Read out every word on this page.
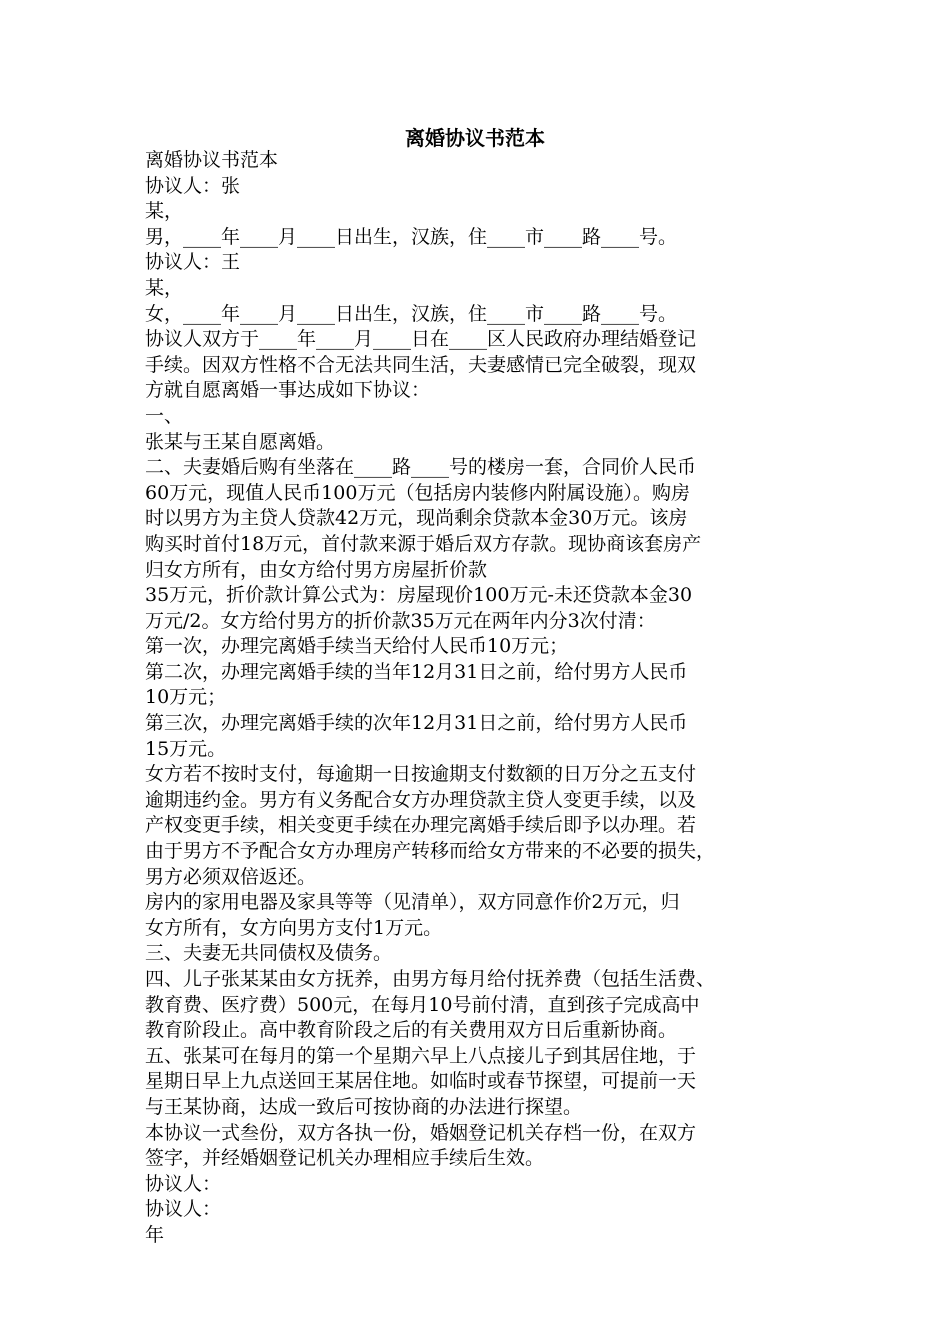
离婚协议书范本

离婚协议书范本

协议人：张

某，

男，____年____月____日出生，汉族，住____市____路____号。

协议人：王

某，

女，____年____月____日出生，汉族，住____市____路____号。

协议人双方于____年____月____日在____区人民政府办理结婚登记

手续。因双方性格不合无法共同生活，夫妻感情已完全破裂，现双

方就自愿离婚一事达成如下协议：

一、

张某与王某自愿离婚。

二、夫妻婚后购有坐落在____路____号的楼房一套，合同价人民币

60万元，现值人民币100万元（包括房内装修内附属设施）。购房

时以男方为主贷人贷款42万元，现尚剩余贷款本金30万元。该房

购买时首付18万元，首付款来源于婚后双方存款。现协商该套房产

归女方所有，由女方给付男方房屋折价款

35万元，折价款计算公式为：房屋现价100万元-未还贷款本金30

万元/2。女方给付男方的折价款35万元在两年内分3次付清：

第一次，办理完离婚手续当天给付人民币10万元；

第二次，办理完离婚手续的当年12月31日之前，给付男方人民币

10万元；

第三次，办理完离婚手续的次年12月31日之前，给付男方人民币

15万元。

女方若不按时支付，每逾期一日按逾期支付数额的日万分之五支付

逾期违约金。男方有义务配合女方办理贷款主贷人变更手续，以及

产权变更手续，相关变更手续在办理完离婚手续后即予以办理。若

由于男方不予配合女方办理房产转移而给女方带来的不必要的损失，

男方必须双倍返还。

房内的家用电器及家具等等（见清单），双方同意作价2万元，归

女方所有，女方向男方支付1万元。

三、夫妻无共同债权及债务。

四、儿子张某某由女方抚养，由男方每月给付抚养费（包括生活费、

教育费、医疗费）500元，在每月10号前付清，直到孩子完成高中

教育阶段止。高中教育阶段之后的有关费用双方日后重新协商。

五、张某可在每月的第一个星期六早上八点接儿子到其居住地，于

星期日早上九点送回王某居住地。如临时或春节探望，可提前一天

与王某协商，达成一致后可按协商的办法进行探望。

本协议一式叁份，双方各执一份，婚姻登记机关存档一份，在双方

签字，并经婚姻登记机关办理相应手续后生效。

协议人：

协议人：

年
